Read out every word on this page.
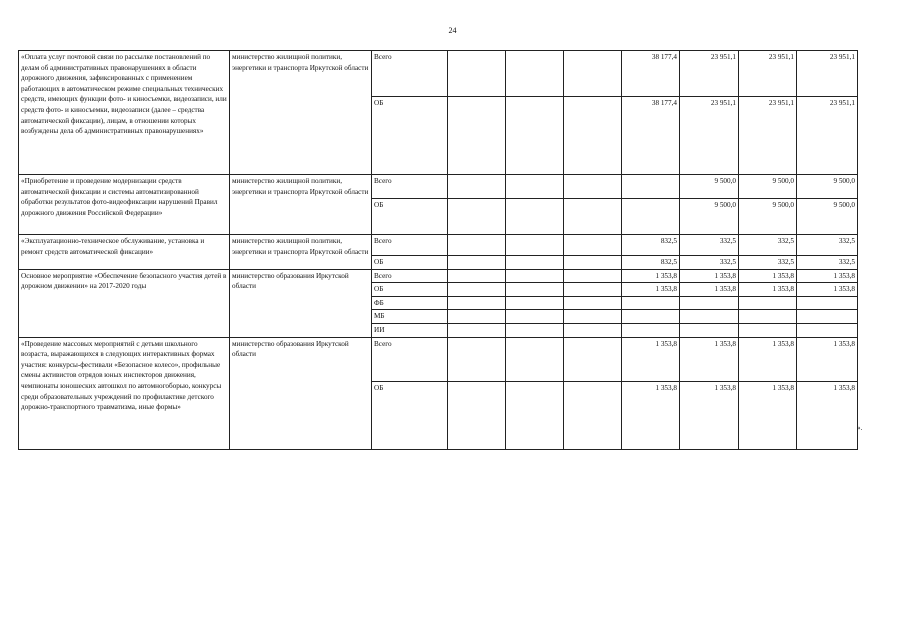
24
«Оплата услуг почтовой связи по рассылке постановлений по делам об административных правонарушениях в области дорожного движения, зафиксированных с применением работающих в автоматическом режиме специальных технических средств, имеющих функции фото- и киносъемки, видеозаписи, или средств фото- и киносъемки, видеозаписи (далее – средства автоматической фиксации), лицам, в отношении которых возбуждены дела об административных правонарушениях»	министерство жилищной политики, энергетики и транспорта Иркутской области	Всего				38 177,4	23 951,1	23 951,1	23 951,1
		ОБ				38 177,4	23 951,1	23 951,1	23 951,1
«Приобретение и проведение модернизации средств автоматической фиксации и системы автоматизированной обработки результатов фото-видеофиксации нарушений Правил дорожного движения Российской Федерации»	министерство жилищной политики, энергетики и транспорта Иркутской области	Всего					9 500,0	9 500,0	9 500,0
		ОБ					9 500,0	9 500,0	9 500,0
«Эксплуатационно-техническое обслуживание, установка и ремонт средств автоматической фиксации»	министерство жилищной политики, энергетики и транспорта Иркутской области	Всего				832,5	332,5	332,5	332,5
		ОБ				832,5	332,5	332,5	332,5
Основное мероприятие «Обеспечение безопасного участия детей в дорожном движении» на 2017-2020 годы	министерство образования Иркутской области	Всего				1 353,8	1 353,8	1 353,8	1 353,8
		ОБ				1 353,8	1 353,8	1 353,8	1 353,8
		ФБ							
		МБ							
		ИИ							
«Проведение массовых мероприятий с детьми школьного возраста, выражающихся в следующих интерактивных формах участия: конкурсы-фестивали «Безопасное колесо», профильные смены активистов отрядов юных инспекторов движения, чемпионаты юношеских автошкол по автомногоборью, конкурсы среди образовательных учреждений по профилактике детского дорожно-транспортного травматизма, иные формы»	министерство образования Иркутской области	Всего				1 353,8	1 353,8	1 353,8	1 353,8
		ОБ				1 353,8	1 353,8	1 353,8	1 353,8
».
